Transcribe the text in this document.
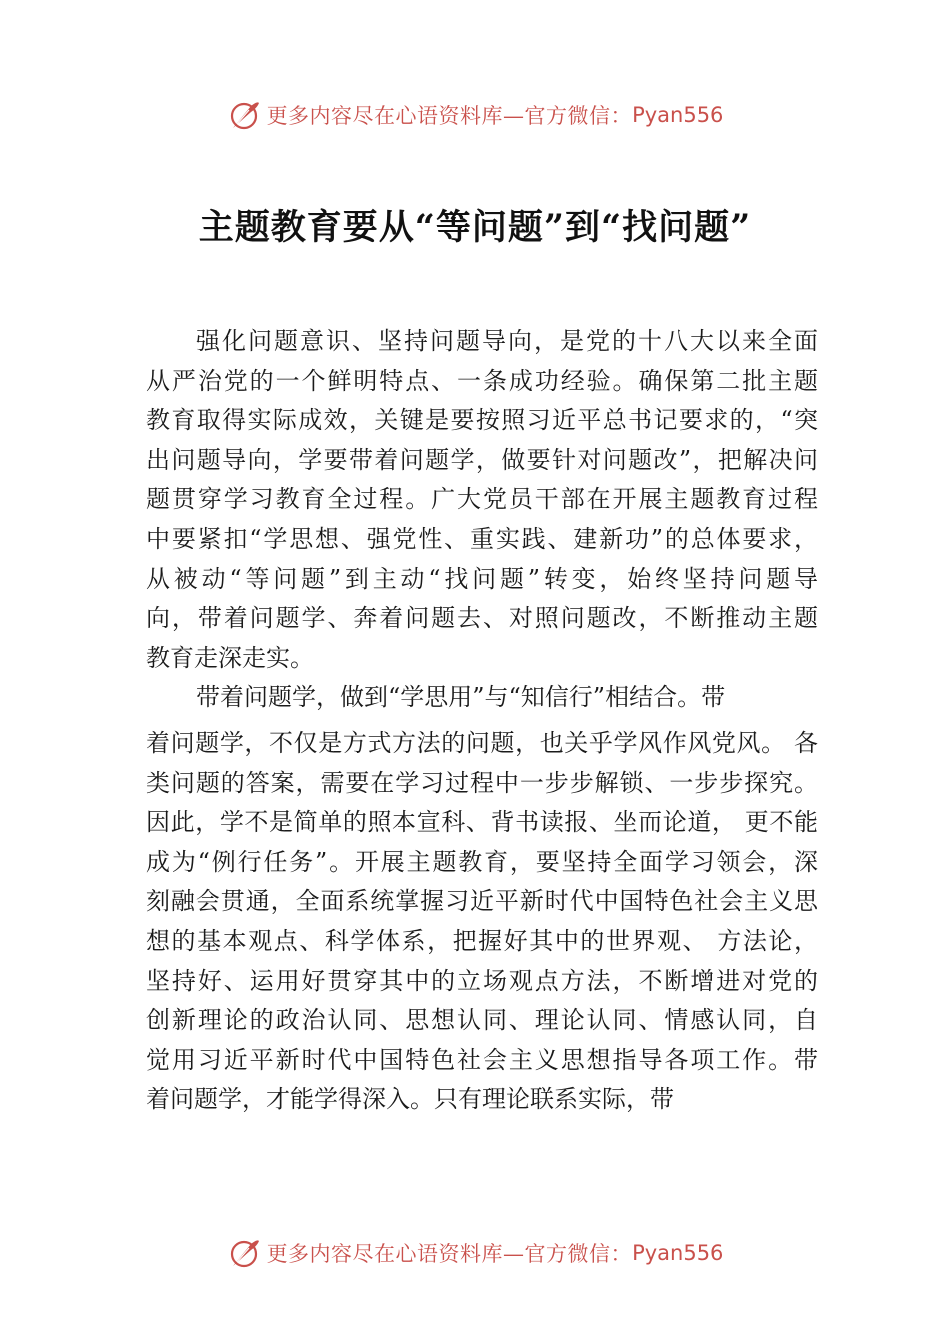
更多内容尽在心语资料库—官方微信： Pyan556
主题教育要从“等问题”到“找问题”
强化问题意识、坚持问题导向，是党的十八大以来全面
从严治党的一个鲜明特点、一条成功经验。确保第二批主题
教育取得实际成效，关键是要按照习近平总书记要求的，“突
出问题导向，学要带着问题学，做要针对问题改”，把解决问
题贯穿学习教育全过程。广大党员干部在开展主题教育过程
中要紧扣“学思想、强党性、重实践、建新功”的总体要求，
从被动“等问题”到主动“找问题”转变，始终坚持问题导
向，带着问题学、奔着问题去、对照问题改，不断推动主题
教育走深走实。
带着问题学，做到“学思用”与“知信行”相结合。带
着问题学，不仅是方式方法的问题，也关乎学风作风党风。 各
类问题的答案，需要在学习过程中一步步解锁、一步步探究。
因此，学不是简单的照本宣科、背书读报、坐而论道， 更不能
成为“例行任务”。开展主题教育，要坚持全面学习领会，深
刻融会贯通，全面系统掌握习近平新时代中国特色社会主义思
想的基本观点、科学体系，把握好其中的世界观、 方法论，
坚持好、运用好贯穿其中的立场观点方法，不断增进对党的
创新理论的政治认同、思想认同、理论认同、情感认同，自
觉用习近平新时代中国特色社会主义思想指导各项工作。带
着问题学，才能学得深入。只有理论联系实际，带
更多内容尽在心语资料库—官方微信： Pyan556
